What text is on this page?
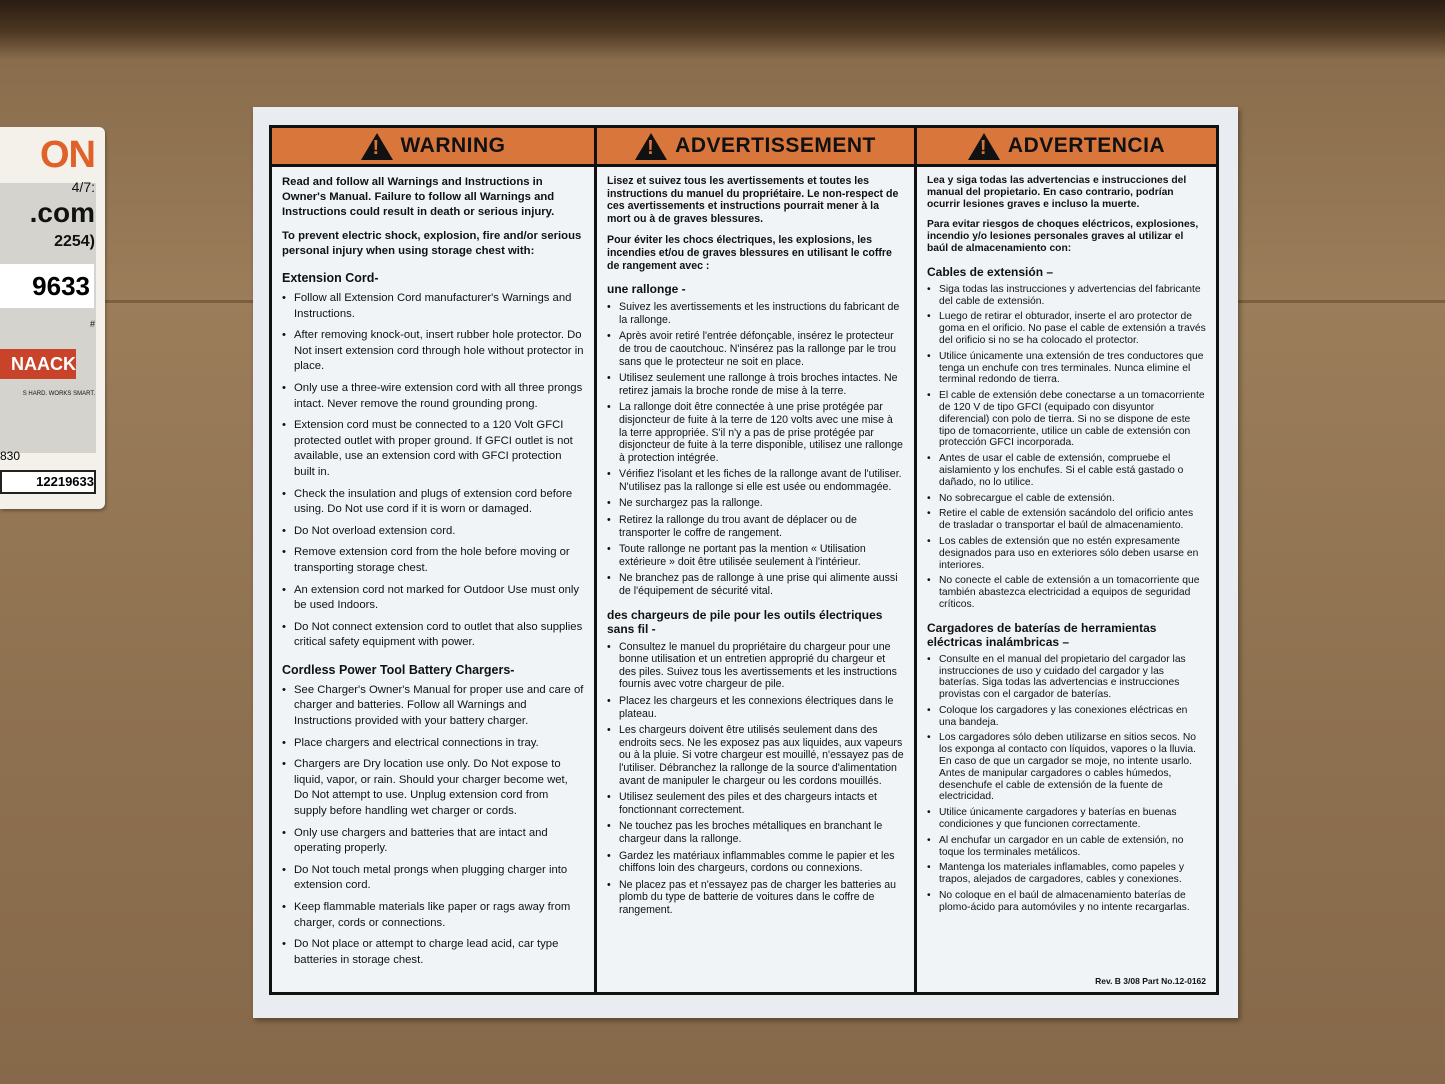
ON
4/7:
.com
2254)
9633
#
NAACK
S HARD. WORKS SMART.
830
12219633
!
WARNING

Read and follow all Warnings and Instructions in Owner's Manual. Failure to follow all Warnings and Instructions could result in death or serious injury.

To prevent electric shock, explosion, fire and/or serious personal injury when using storage chest with:

Extension Cord-
• Follow all Extension Cord manufacturer's Warnings and Instructions.
• After removing knock-out, insert rubber hole protector. Do Not insert extension cord through hole without protector in place.
• Only use a three-wire extension cord with all three prongs intact. Never remove the round grounding prong.
• Extension cord must be connected to a 120 Volt GFCI protected outlet with proper ground. If GFCI outlet is not available, use an extension cord with GFCI protection built in.
• Check the insulation and plugs of extension cord before using. Do Not use cord if it is worn or damaged.
• Do Not overload extension cord.
• Remove extension cord from the hole before moving or transporting storage chest.
• An extension cord not marked for Outdoor Use must only be used Indoors.
• Do Not connect extension cord to outlet that also supplies critical safety equipment with power.
Cordless Power Tool Battery Chargers-
• See Charger's Owner's Manual for proper use and care of charger and batteries. Follow all Warnings and Instructions provided with your battery charger.
• Place chargers and electrical connections in tray.
• Chargers are Dry location use only. Do Not expose to liquid, vapor, or rain. Should your charger become wet, Do Not attempt to use. Unplug extension cord from supply before handling wet charger or cords.
• Only use chargers and batteries that are intact and operating properly.
• Do Not touch metal prongs when plugging charger into extension cord.
• Keep flammable materials like paper or rags away from charger, cords or connections.
• Do Not place or attempt to charge lead acid, car type batteries in storage chest.
!
ADVERTISSEMENT

Lisez et suivez tous les avertissements et toutes les instructions du manuel du propriétaire. Le non-respect de ces avertissements et instructions pourrait mener à la mort ou à de graves blessures.

Pour éviter les chocs électriques, les explosions, les incendies et/ou de graves blessures en utilisant le coffre de rangement avec :

une rallonge -
• Suivez les avertissements et les instructions du fabricant de la rallonge.
• Après avoir retiré l'entrée défonçable, insérez le protecteur de trou de caoutchouc. N'insérez pas la rallonge par le trou sans que le protecteur ne soit en place.
• Utilisez seulement une rallonge à trois broches intactes. Ne retirez jamais la broche ronde de mise à la terre.
• La rallonge doit être connectée à une prise protégée par disjoncteur de fuite à la terre de 120 volts avec une mise à la terre appropriée. S'il n'y a pas de prise protégée par disjoncteur de fuite à la terre disponible, utilisez une rallonge à protection intégrée.
• Vérifiez l'isolant et les fiches de la rallonge avant de l'utiliser. N'utilisez pas la rallonge si elle est usée ou endommagée.
• Ne surchargez pas la rallonge.
• Retirez la rallonge du trou avant de déplacer ou de transporter le coffre de rangement.
• Toute rallonge ne portant pas la mention « Utilisation extérieure » doit être utilisée seulement à l'intérieur.
• Ne branchez pas de rallonge à une prise qui alimente aussi de l'équipement de sécurité vital.
des chargeurs de pile pour les outils électriques sans fil -
• Consultez le manuel du propriétaire du chargeur pour une bonne utilisation et un entretien approprié du chargeur et des piles. Suivez tous les avertissements et les instructions fournis avec votre chargeur de pile.
• Placez les chargeurs et les connexions électriques dans le plateau.
• Les chargeurs doivent être utilisés seulement dans des endroits secs. Ne les exposez pas aux liquides, aux vapeurs ou à la pluie. Si votre chargeur est mouillé, n'essayez pas de l'utiliser. Débranchez la rallonge de la source d'alimentation avant de manipuler le chargeur ou les cordons mouillés.
• Utilisez seulement des piles et des chargeurs intacts et fonctionnant correctement.
• Ne touchez pas les broches métalliques en branchant le chargeur dans la rallonge.
• Gardez les matériaux inflammables comme le papier et les chiffons loin des chargeurs, cordons ou connexions.
• Ne placez pas et n'essayez pas de charger les batteries au plomb du type de batterie de voitures dans le coffre de rangement.
!
ADVERTENCIA

Lea y siga todas las advertencias e instrucciones del manual del propietario. En caso contrario, podrían ocurrir lesiones graves e incluso la muerte.

Para evitar riesgos de choques eléctricos, explosiones, incendio y/o lesiones personales graves al utilizar el baúl de almacenamiento con:

Cables de extensión –
• Siga todas las instrucciones y advertencias del fabricante del cable de extensión.
• Luego de retirar el obturador, inserte el aro protector de goma en el orificio. No pase el cable de extensión a través del orificio si no se ha colocado el protector.
• Utilice únicamente una extensión de tres conductores que tenga un enchufe con tres terminales. Nunca elimine el terminal redondo de tierra.
• El cable de extensión debe conectarse a un tomacorriente de 120 V de tipo GFCI (equipado con disyuntor diferencial) con polo de tierra. Si no se dispone de este tipo de tomacorriente, utilice un cable de extensión con protección GFCI incorporada.
• Antes de usar el cable de extensión, compruebe el aislamiento y los enchufes. Si el cable está gastado o dañado, no lo utilice.
• No sobrecargue el cable de extensión.
• Retire el cable de extensión sacándolo del orificio antes de trasladar o transportar el baúl de almacenamiento.
• Los cables de extensión que no estén expresamente designados para uso en exteriores sólo deben usarse en interiores.
• No conecte el cable de extensión a un tomacorriente que también abastezca electricidad a equipos de seguridad críticos.
Cargadores de baterías de herramientas eléctricas inalámbricas –
• Consulte en el manual del propietario del cargador las instrucciones de uso y cuidado del cargador y las baterías. Siga todas las advertencias e instrucciones provistas con el cargador de baterías.
• Coloque los cargadores y las conexiones eléctricas en una bandeja.
• Los cargadores sólo deben utilizarse en sitios secos. No los exponga al contacto con líquidos, vapores o la lluvia. En caso de que un cargador se moje, no intente usarlo. Antes de manipular cargadores o cables húmedos, desenchufe el cable de extensión de la fuente de electricidad.
• Utilice únicamente cargadores y baterías en buenas condiciones y que funcionen correctamente.
• Al enchufar un cargador en un cable de extensión, no toque los terminales metálicos.
• Mantenga los materiales inflamables, como papeles y trapos, alejados de cargadores, cables y conexiones.
• No coloque en el baúl de almacenamiento baterías de plomo-ácido para automóviles y no intente recargarlas.
Rev. B 3/08 Part No.12-0162
